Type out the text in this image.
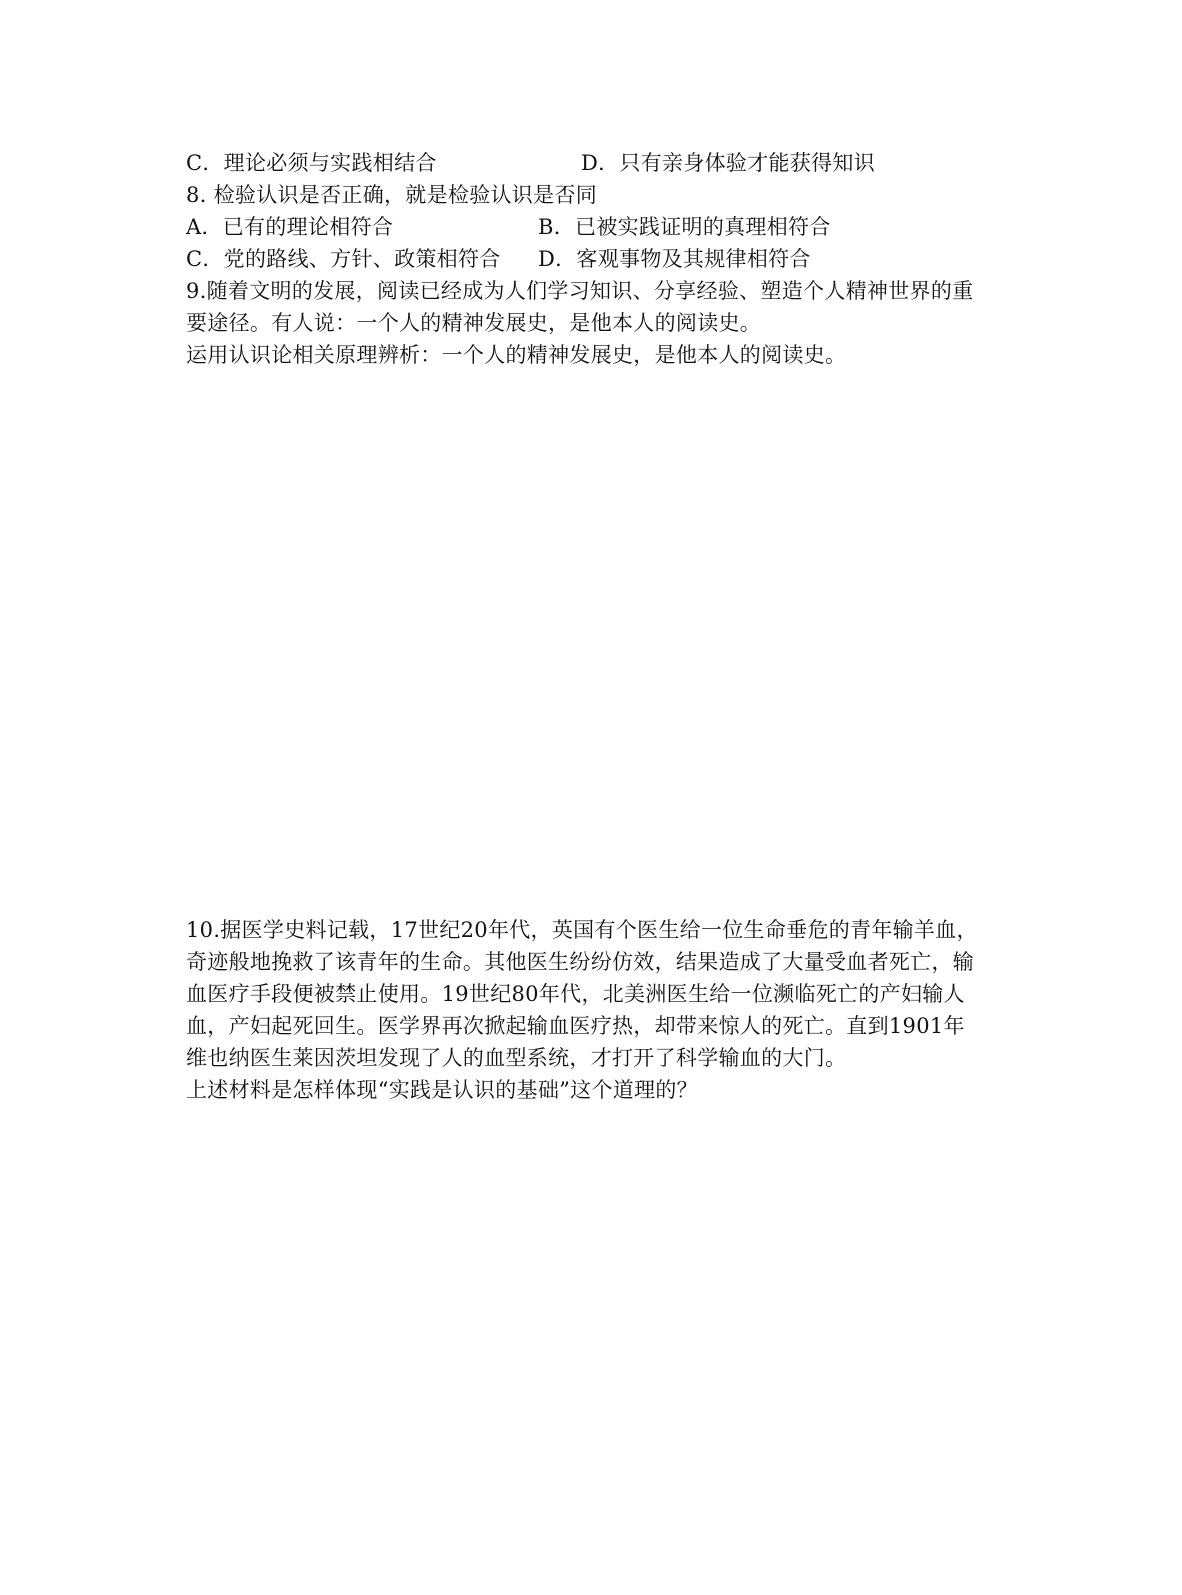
C．理论必须与实践相结合	D．只有亲身体验才能获得知识
8. 检验认识是否正确，就是检验认识是否同
A．已有的理论相符合	B．已被实践证明的真理相符合
C．党的路线、方针、政策相符合 D．客观事物及其规律相符合
9.随着文明的发展，阅读已经成为人们学习知识、分享经验、塑造个人精神世界的重
要途径。有人说：一个人的精神发展史，是他本人的阅读史。
运用认识论相关原理辨析：一个人的精神发展史，是他本人的阅读史。
10.据医学史料记载，17世纪20年代，英国有个医生给一位生命垂危的青年输羊血，
奇迹般地挽救了该青年的生命。其他医生纷纷仿效，结果造成了大量受血者死亡，输
血医疗手段便被禁止使用。19世纪80年代，北美洲医生给一位濒临死亡的产妇输人
血，产妇起死回生。医学界再次掀起输血医疗热，却带来惊人的死亡。直到1901年
维也纳医生莱因茨坦发现了人的血型系统，才打开了科学输血的大门。
上述材料是怎样体现“实践是认识的基础”这个道理的？
